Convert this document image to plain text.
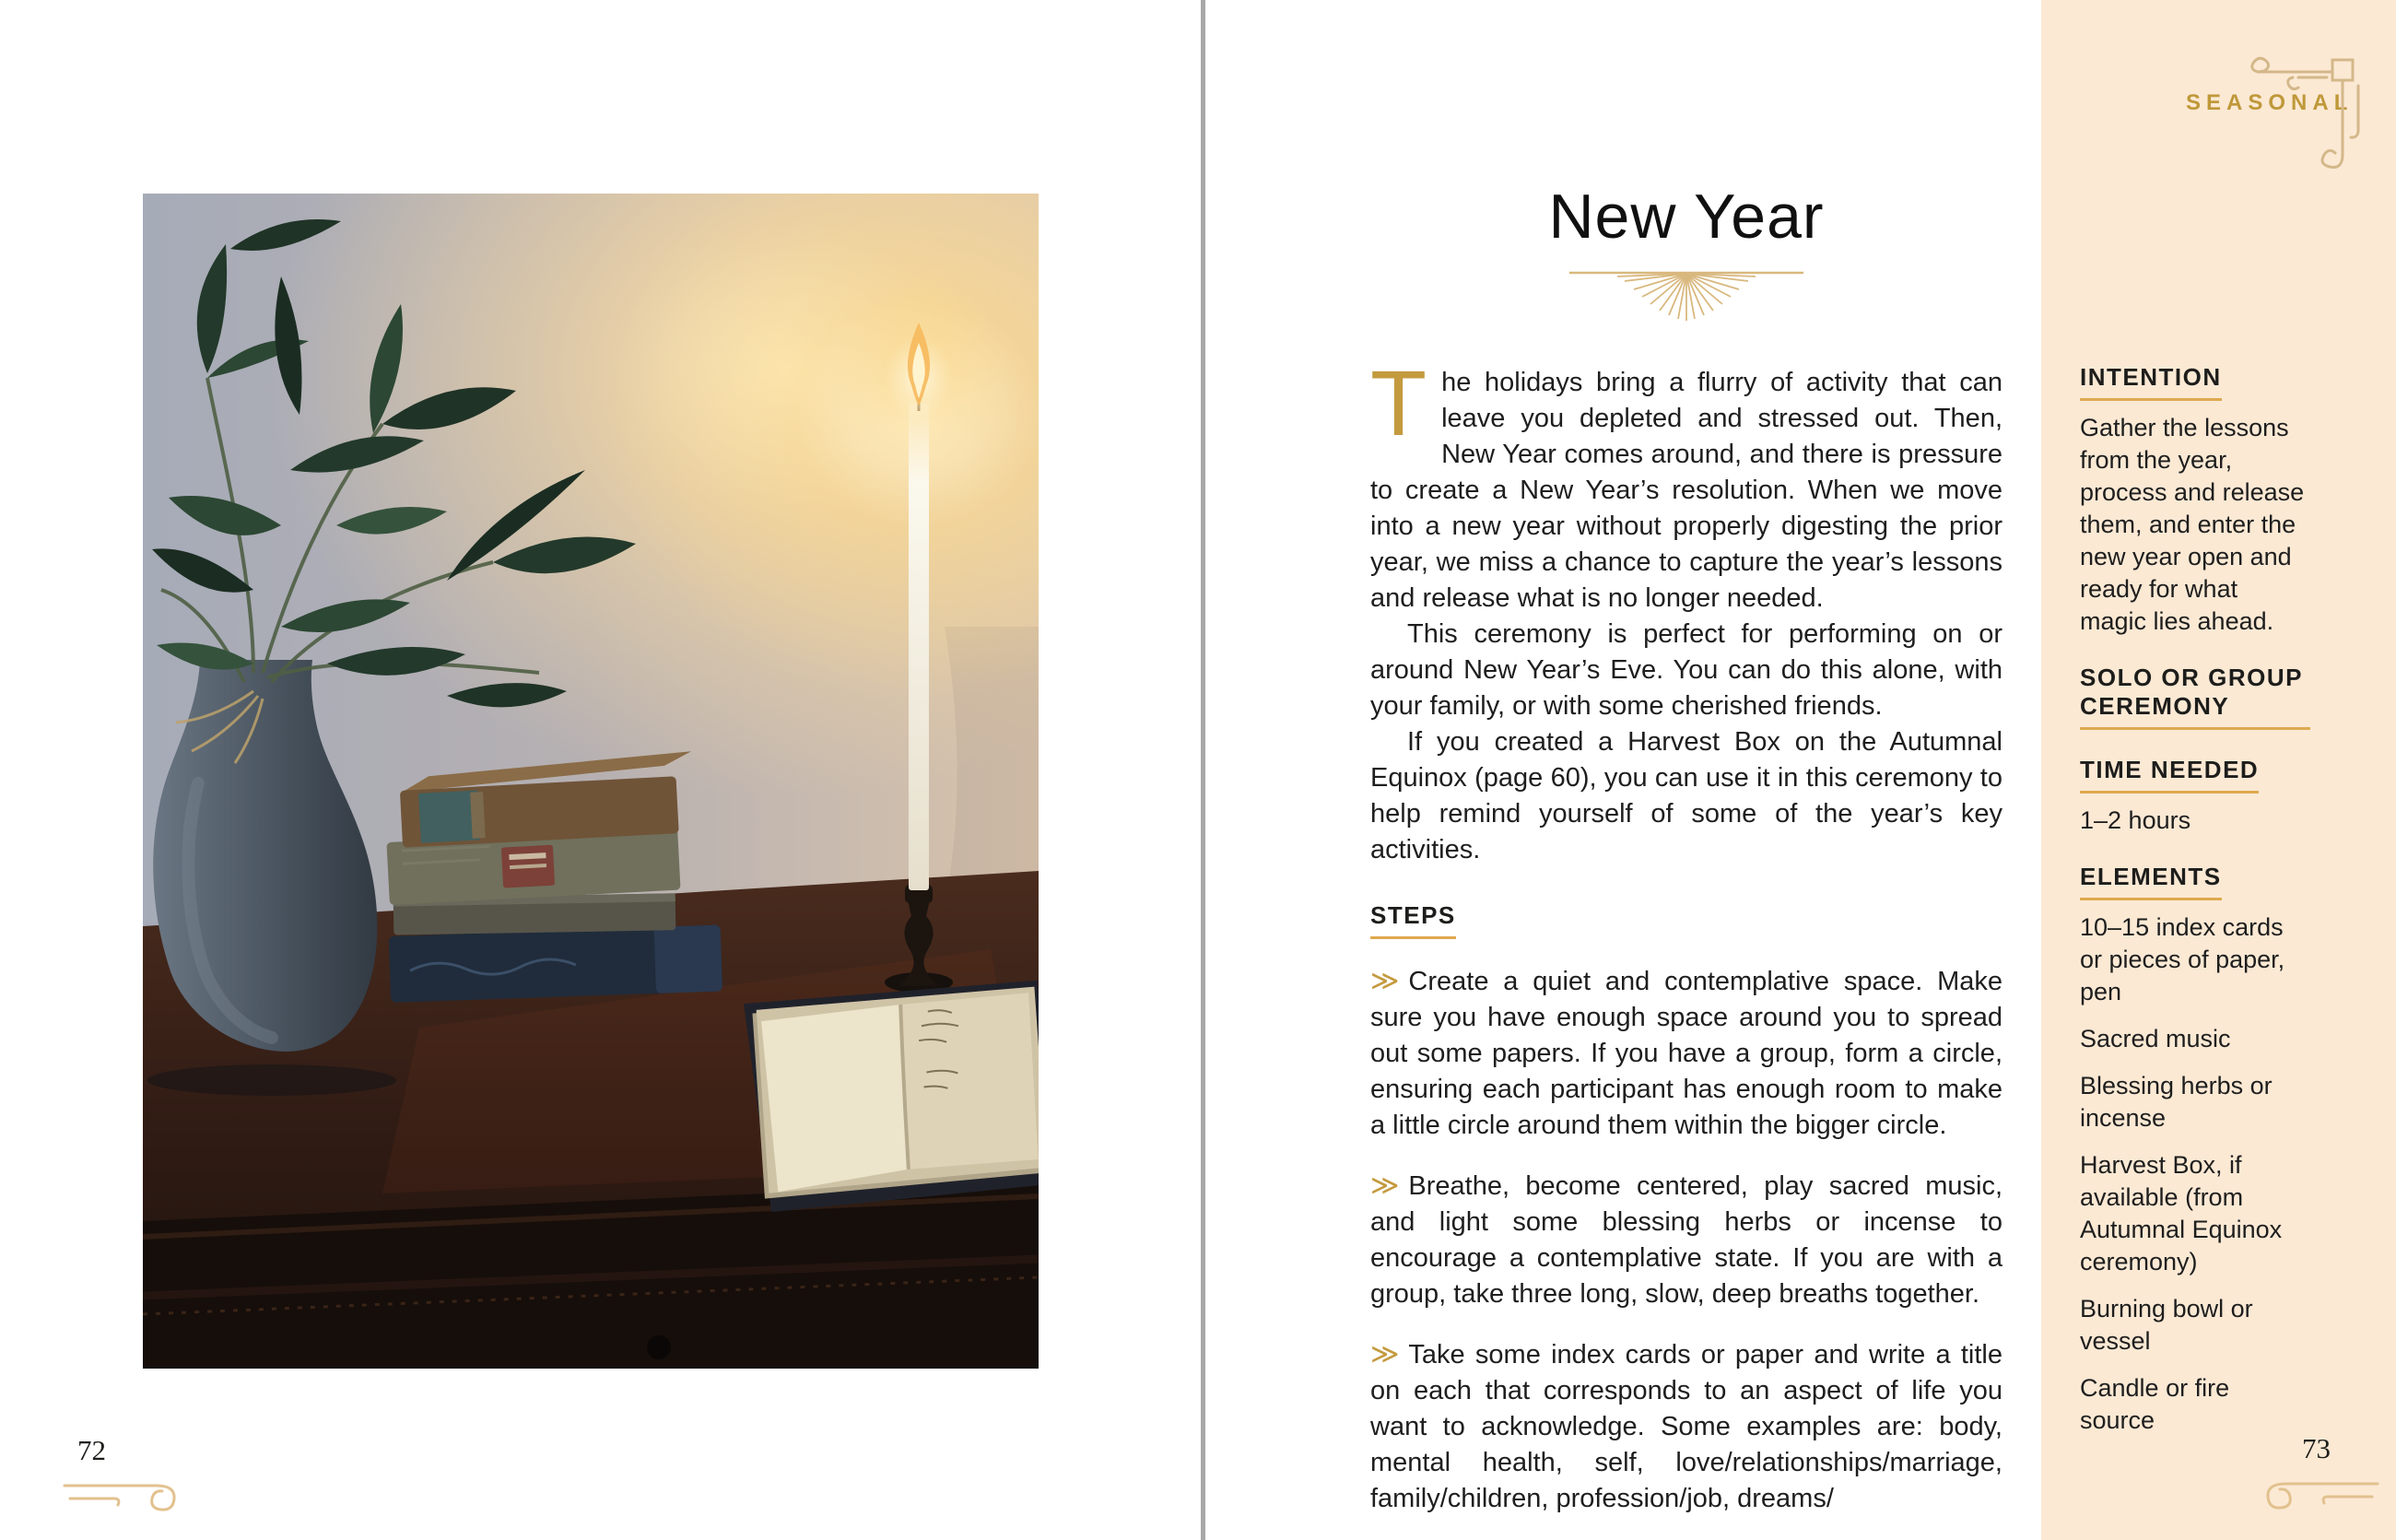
72
SEASONAL
New Year

The holidays bring a flurry of activity that can leave you depleted and stressed out. Then, New Year comes around, and there is pressure to create a New Year’s resolution. When we move into a new year without properly digesting the prior year, we miss a chance to capture the year’s lessons and release what is no longer needed.

This ceremony is perfect for performing on or around New Year’s Eve. You can do this alone, with your family, or with some cherished friends.

If you created a Harvest Box on the Autumnal Equinox (page 60), you can use it in this ceremony to help remind yourself of some of the year’s key activities.

STEPS

≫ Create a quiet and contemplative space. Make sure you have enough space around you to spread out some papers. If you have a group, form a circle, ensuring each participant has enough room to make a little circle around them within the bigger circle.

≫ Breathe, become centered, play sacred music, and light some blessing herbs or incense to encourage a contemplative state. If you are with a group, take three long, slow, deep breaths together.

≫ Take some index cards or paper and write a title on each that corresponds to an aspect of life you want to acknowledge. Some examples are: body, mental health, self, love/relationships/marriage, family/children, profession/job, dreams/

INTENTION

Gather the lessons from the year, process and release them, and enter the new year open and ready for what magic lies ahead.

SOLO OR GROUP CEREMONY
TIME NEEDED

1–2 hours

ELEMENTS

10–15 index cards or pieces of paper, pen

Sacred music

Blessing herbs or incense

Harvest Box, if available (from Autumnal Equinox ceremony)

Burning bowl or vessel

Candle or fire source

73
